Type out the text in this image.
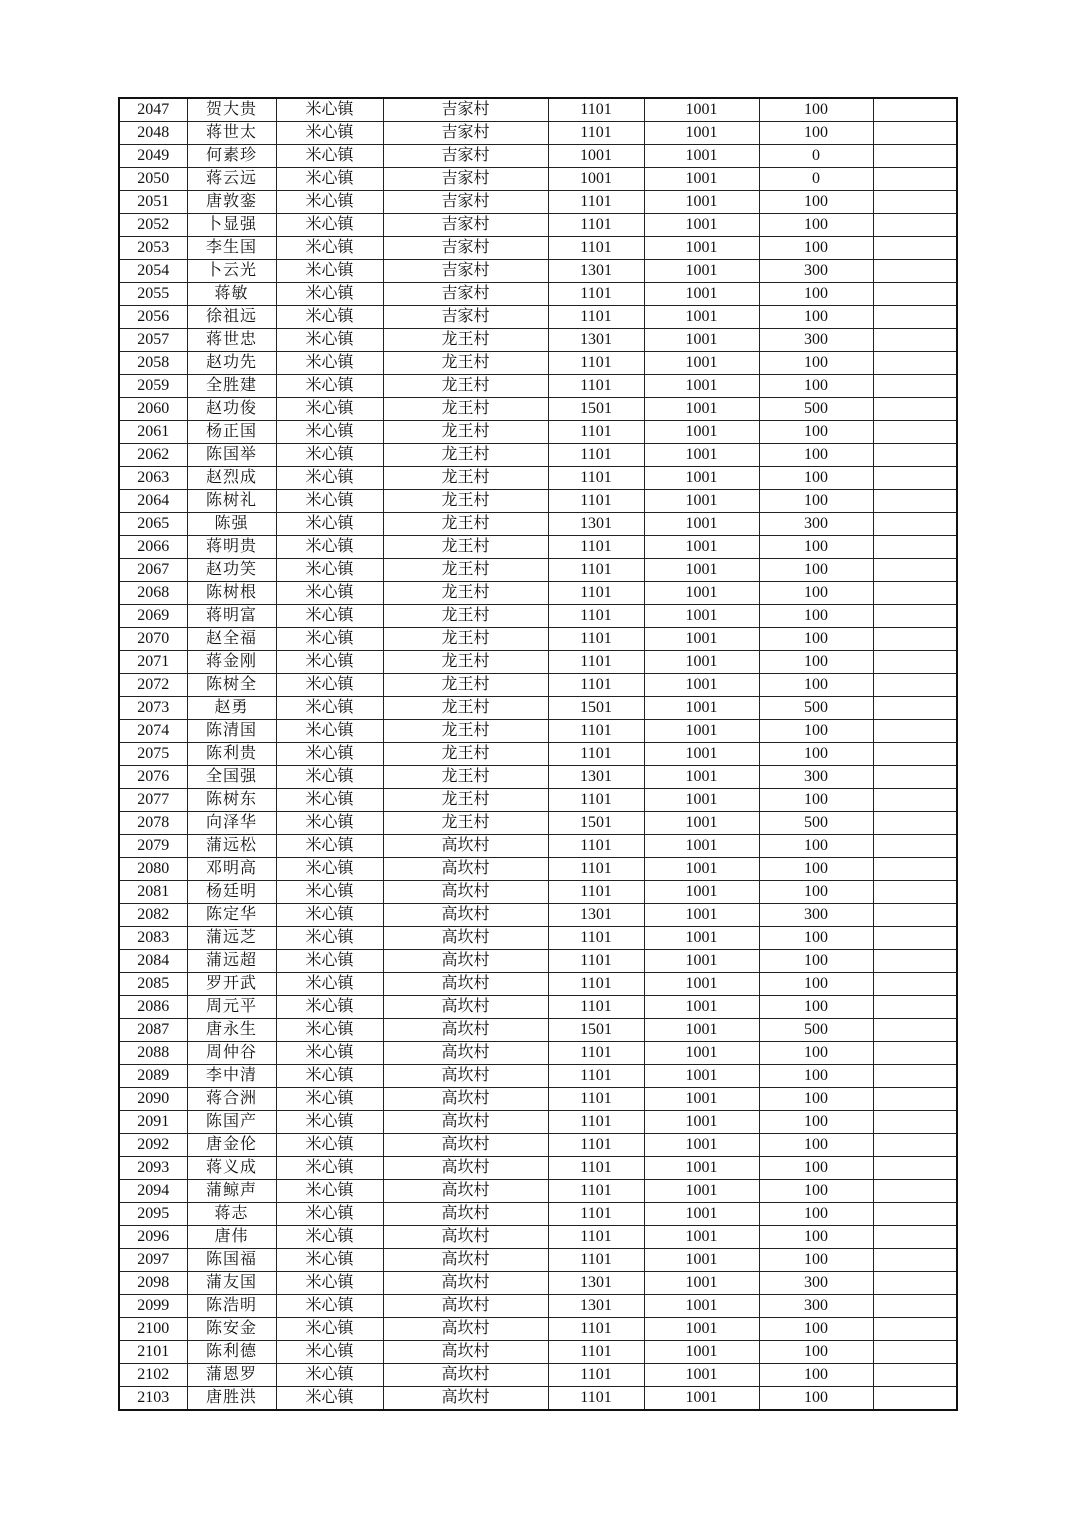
2047	贺大贵	米心镇	吉家村	1101	1001	100	
2048	蒋世太	米心镇	吉家村	1101	1001	100	
2049	何素珍	米心镇	吉家村	1001	1001	0	
2050	蒋云远	米心镇	吉家村	1001	1001	0	
2051	唐敦銮	米心镇	吉家村	1101	1001	100	
2052	卜显强	米心镇	吉家村	1101	1001	100	
2053	李生国	米心镇	吉家村	1101	1001	100	
2054	卜云光	米心镇	吉家村	1301	1001	300	
2055	蒋敏	米心镇	吉家村	1101	1001	100	
2056	徐祖远	米心镇	吉家村	1101	1001	100	
2057	蒋世忠	米心镇	龙王村	1301	1001	300	
2058	赵功先	米心镇	龙王村	1101	1001	100	
2059	全胜建	米心镇	龙王村	1101	1001	100	
2060	赵功俊	米心镇	龙王村	1501	1001	500	
2061	杨正国	米心镇	龙王村	1101	1001	100	
2062	陈国举	米心镇	龙王村	1101	1001	100	
2063	赵烈成	米心镇	龙王村	1101	1001	100	
2064	陈树礼	米心镇	龙王村	1101	1001	100	
2065	陈强	米心镇	龙王村	1301	1001	300	
2066	蒋明贵	米心镇	龙王村	1101	1001	100	
2067	赵功笑	米心镇	龙王村	1101	1001	100	
2068	陈树根	米心镇	龙王村	1101	1001	100	
2069	蒋明富	米心镇	龙王村	1101	1001	100	
2070	赵全福	米心镇	龙王村	1101	1001	100	
2071	蒋金刚	米心镇	龙王村	1101	1001	100	
2072	陈树全	米心镇	龙王村	1101	1001	100	
2073	赵勇	米心镇	龙王村	1501	1001	500	
2074	陈清国	米心镇	龙王村	1101	1001	100	
2075	陈利贵	米心镇	龙王村	1101	1001	100	
2076	全国强	米心镇	龙王村	1301	1001	300	
2077	陈树东	米心镇	龙王村	1101	1001	100	
2078	向泽华	米心镇	龙王村	1501	1001	500	
2079	蒲远松	米心镇	高坎村	1101	1001	100	
2080	邓明高	米心镇	高坎村	1101	1001	100	
2081	杨廷明	米心镇	高坎村	1101	1001	100	
2082	陈定华	米心镇	高坎村	1301	1001	300	
2083	蒲远芝	米心镇	高坎村	1101	1001	100	
2084	蒲远超	米心镇	高坎村	1101	1001	100	
2085	罗开武	米心镇	高坎村	1101	1001	100	
2086	周元平	米心镇	高坎村	1101	1001	100	
2087	唐永生	米心镇	高坎村	1501	1001	500	
2088	周仲谷	米心镇	高坎村	1101	1001	100	
2089	李中清	米心镇	高坎村	1101	1001	100	
2090	蒋合洲	米心镇	高坎村	1101	1001	100	
2091	陈国产	米心镇	高坎村	1101	1001	100	
2092	唐金伦	米心镇	高坎村	1101	1001	100	
2093	蒋义成	米心镇	高坎村	1101	1001	100	
2094	蒲鲸声	米心镇	高坎村	1101	1001	100	
2095	蒋志	米心镇	高坎村	1101	1001	100	
2096	唐伟	米心镇	高坎村	1101	1001	100	
2097	陈国福	米心镇	高坎村	1101	1001	100	
2098	蒲友国	米心镇	高坎村	1301	1001	300	
2099	陈浩明	米心镇	高坎村	1301	1001	300	
2100	陈安金	米心镇	高坎村	1101	1001	100	
2101	陈利德	米心镇	高坎村	1101	1001	100	
2102	蒲恩罗	米心镇	高坎村	1101	1001	100	
2103	唐胜洪	米心镇	高坎村	1101	1001	100	
